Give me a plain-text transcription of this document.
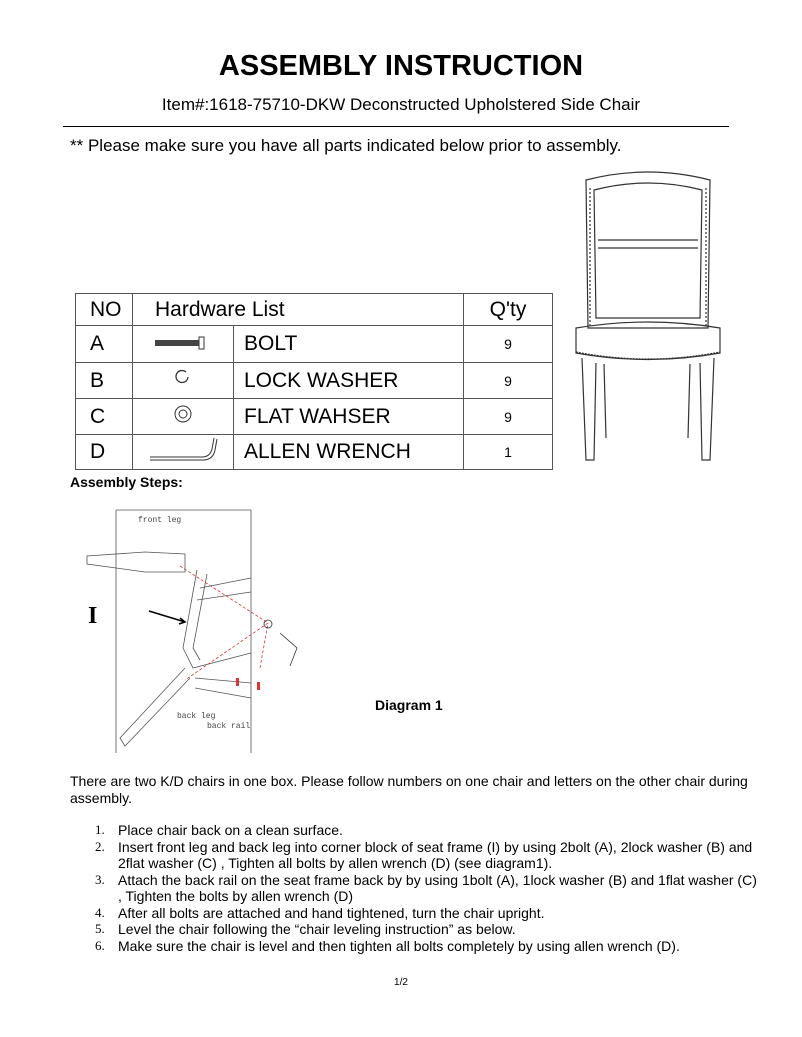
ASSEMBLY INSTRUCTION
Item#:1618-75710-DKW Deconstructed Upholstered Side Chair
** Please make sure you have all parts indicated below prior to assembly.
NO	Hardware List		Q'ty
A		BOLT	9
B		LOCK WASHER	9
C		FLAT WAHSER	9
D		ALLEN WRENCH	1
Assembly Steps:
front leg
I
back leg
back rail
Diagram 1
There are two K/D chairs in one box. Please follow numbers on one chair and letters on the other chair during assembly.
1. Place chair back on a clean surface.
2. Insert front leg and back leg into corner block of seat frame (I) by using 2bolt (A), 2lock washer (B) and 2flat washer (C) , Tighten all bolts by allen wrench (D) (see diagram1).
3. Attach the back rail on the seat frame back by by using 1bolt (A), 1lock washer (B) and 1flat washer (C) , Tighten the bolts by allen wrench (D)
4. After all bolts are attached and hand tightened, turn the chair upright.
5. Level the chair following the “chair leveling instruction” as below.
6. Make sure the chair is level and then tighten all bolts completely by using allen wrench (D).
1/2
